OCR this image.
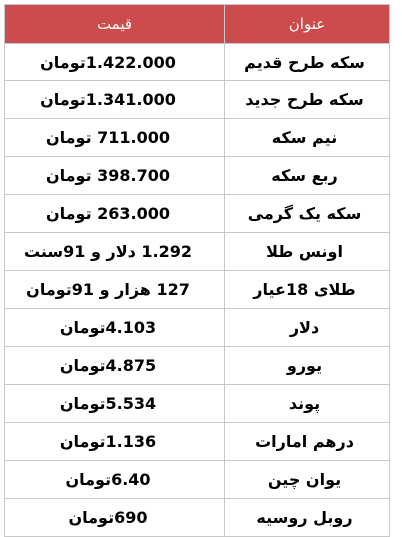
عنوان	قیمت
سکه طرح قدیم	1.422.000تومان
سکه طرح جدید	1.341.000تومان
نیم سکه	711.000 تومان
ربع سکه	398.700 تومان
سکه یک گرمی	263.000 تومان
اونس طلا	1.292 دلار و 91سنت
طلای 18عیار	127 هزار و 91تومان
دلار	4.103تومان
یورو	4.875تومان
پوند	5.534تومان
درهم امارات	1.136تومان
یوان چین	6.40تومان
روبل روسیه	690تومان
